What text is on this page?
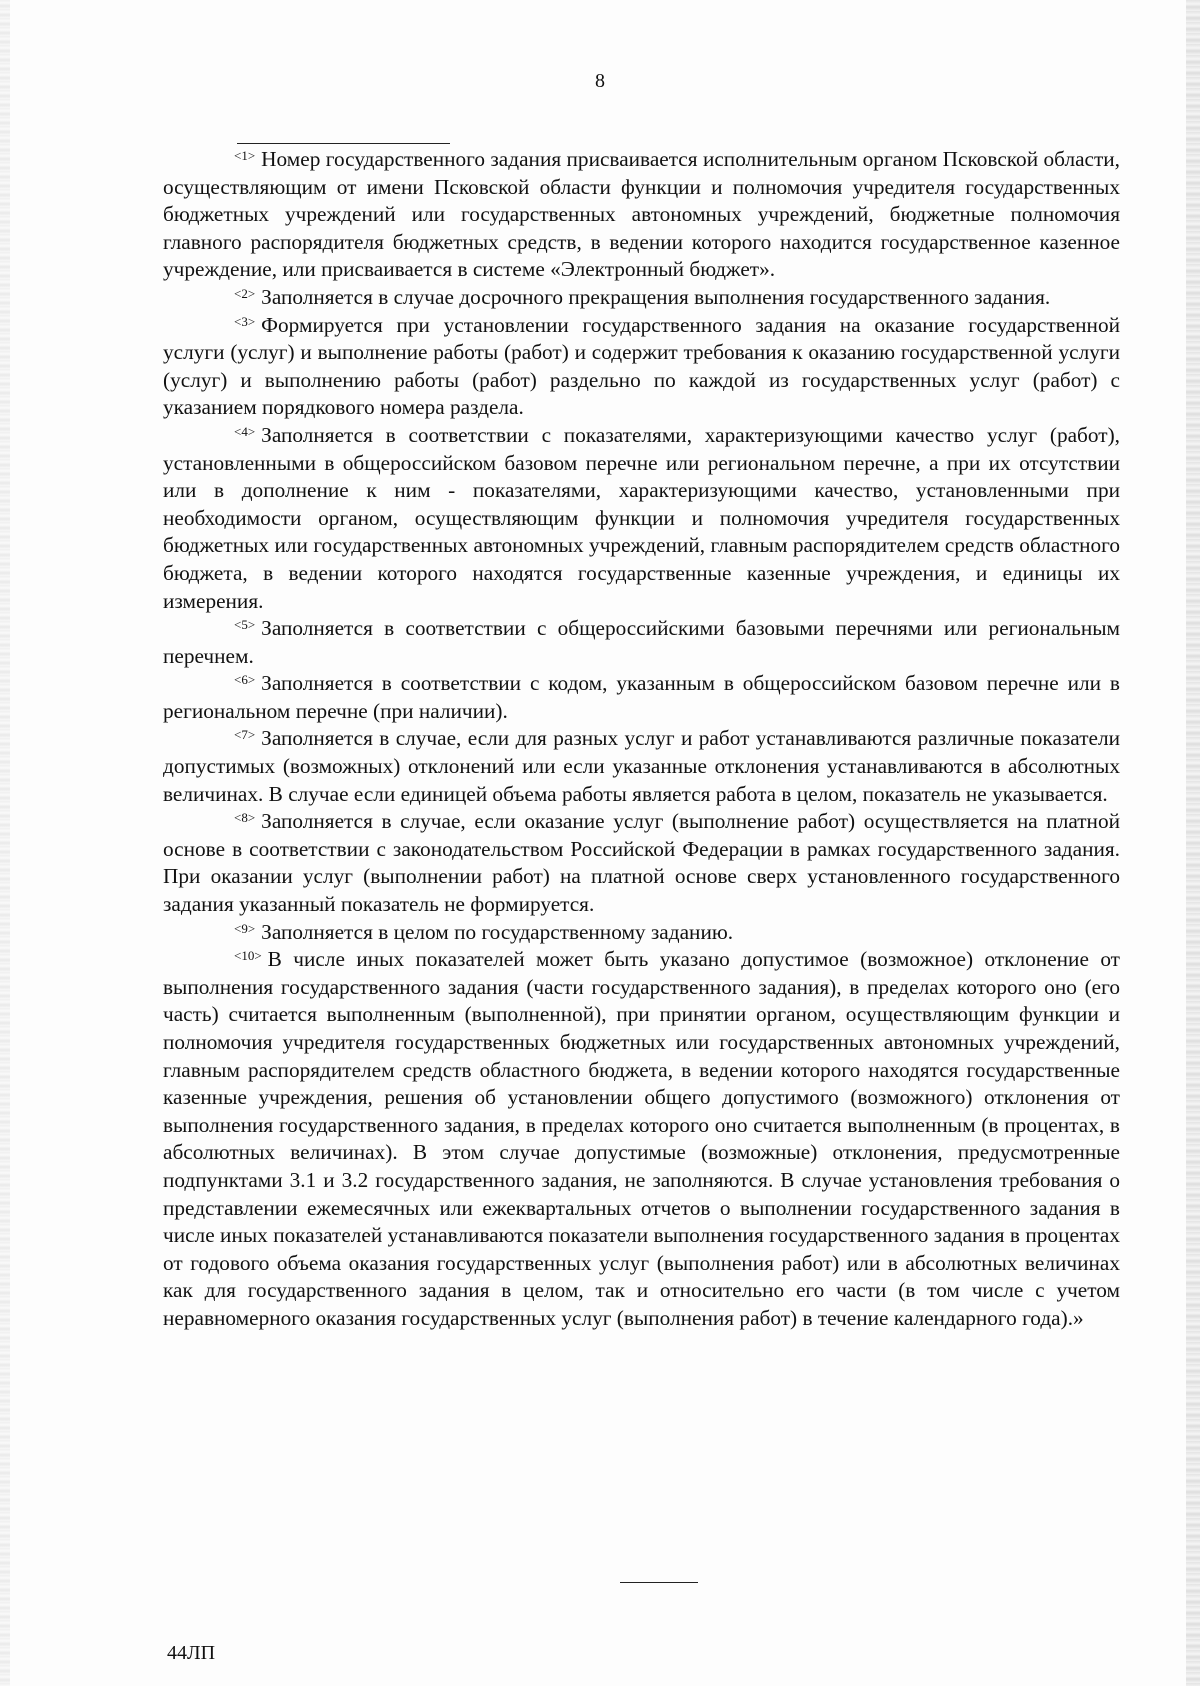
8

$^{<1>}$ Номер государственного задания присваивается исполнительным органом Псковской области, осуществляющим от имени Псковской области функции и полномочия учредителя государственных бюджетных учреждений или государственных автономных учреждений, бюджетные полномочия главного распорядителя бюджетных средств, в ведении которого находится государственное казенное учреждение, или присваивается в системе «Электронный бюджет».

$^{<2>}$ Заполняется в случае досрочного прекращения выполнения государственного задания.

$^{<3>}$ Формируется при установлении государственного задания на оказание государственной услуги (услуг) и выполнение работы (работ) и содержит требования к оказанию государственной услуги (услуг) и выполнению работы (работ) раздельно по каждой из государственных услуг (работ) с указанием порядкового номера раздела.

$^{<4>}$ Заполняется в соответствии с показателями, характеризующими качество услуг (работ), установленными в общероссийском базовом перечне или региональном перечне, а при их отсутствии или в дополнение к ним - показателями, характеризующими качество, установленными при необходимости органом, осуществляющим функции и полномочия учредителя государственных бюджетных или государственных автономных учреждений, главным распорядителем средств областного бюджета, в ведении которого находятся государственные казенные учреждения, и единицы их измерения.

$^{<5>}$ Заполняется в соответствии с общероссийскими базовыми перечнями или региональным перечнем.

$^{<6>}$ Заполняется в соответствии с кодом, указанным в общероссийском базовом перечне или в региональном перечне (при наличии).

$^{<7>}$ Заполняется в случае, если для разных услуг и работ устанавливаются различные показатели допустимых (возможных) отклонений или если указанные отклонения устанавливаются в абсолютных величинах. В случае если единицей объема работы является работа в целом, показатель не указывается.

$^{<8>}$ Заполняется в случае, если оказание услуг (выполнение работ) осуществляется на платной основе в соответствии с законодательством Российской Федерации в рамках государственного задания. При оказании услуг (выполнении работ) на платной основе сверх установленного государственного задания указанный показатель не формируется.

$^{<9>}$ Заполняется в целом по государственному заданию.

$^{<10>}$ В числе иных показателей может быть указано допустимое (возможное) отклонение от выполнения государственного задания (части государственного задания), в пределах которого оно (его часть) считается выполненным (выполненной), при принятии органом, осуществляющим функции и полномочия учредителя государственных бюджетных или государственных автономных учреждений, главным распорядителем средств областного бюджета, в ведении которого находятся государственные казенные учреждения, решения об установлении общего допустимого (возможного) отклонения от выполнения государственного задания, в пределах которого оно считается выполненным (в процентах, в абсолютных величинах). В этом случае допустимые (возможные) отклонения, предусмотренные подпунктами 3.1 и 3.2 государственного задания, не заполняются. В случае установления требования о представлении ежемесячных или ежеквартальных отчетов о выполнении государственного задания в числе иных показателей устанавливаются показатели выполнения государственного задания в процентах от годового объема оказания государственных услуг (выполнения работ) или в абсолютных величинах как для государственного задания в целом, так и относительно его части (в том числе с учетом неравномерного оказания государственных услуг (выполнения работ) в течение календарного года).»

44ЛП
